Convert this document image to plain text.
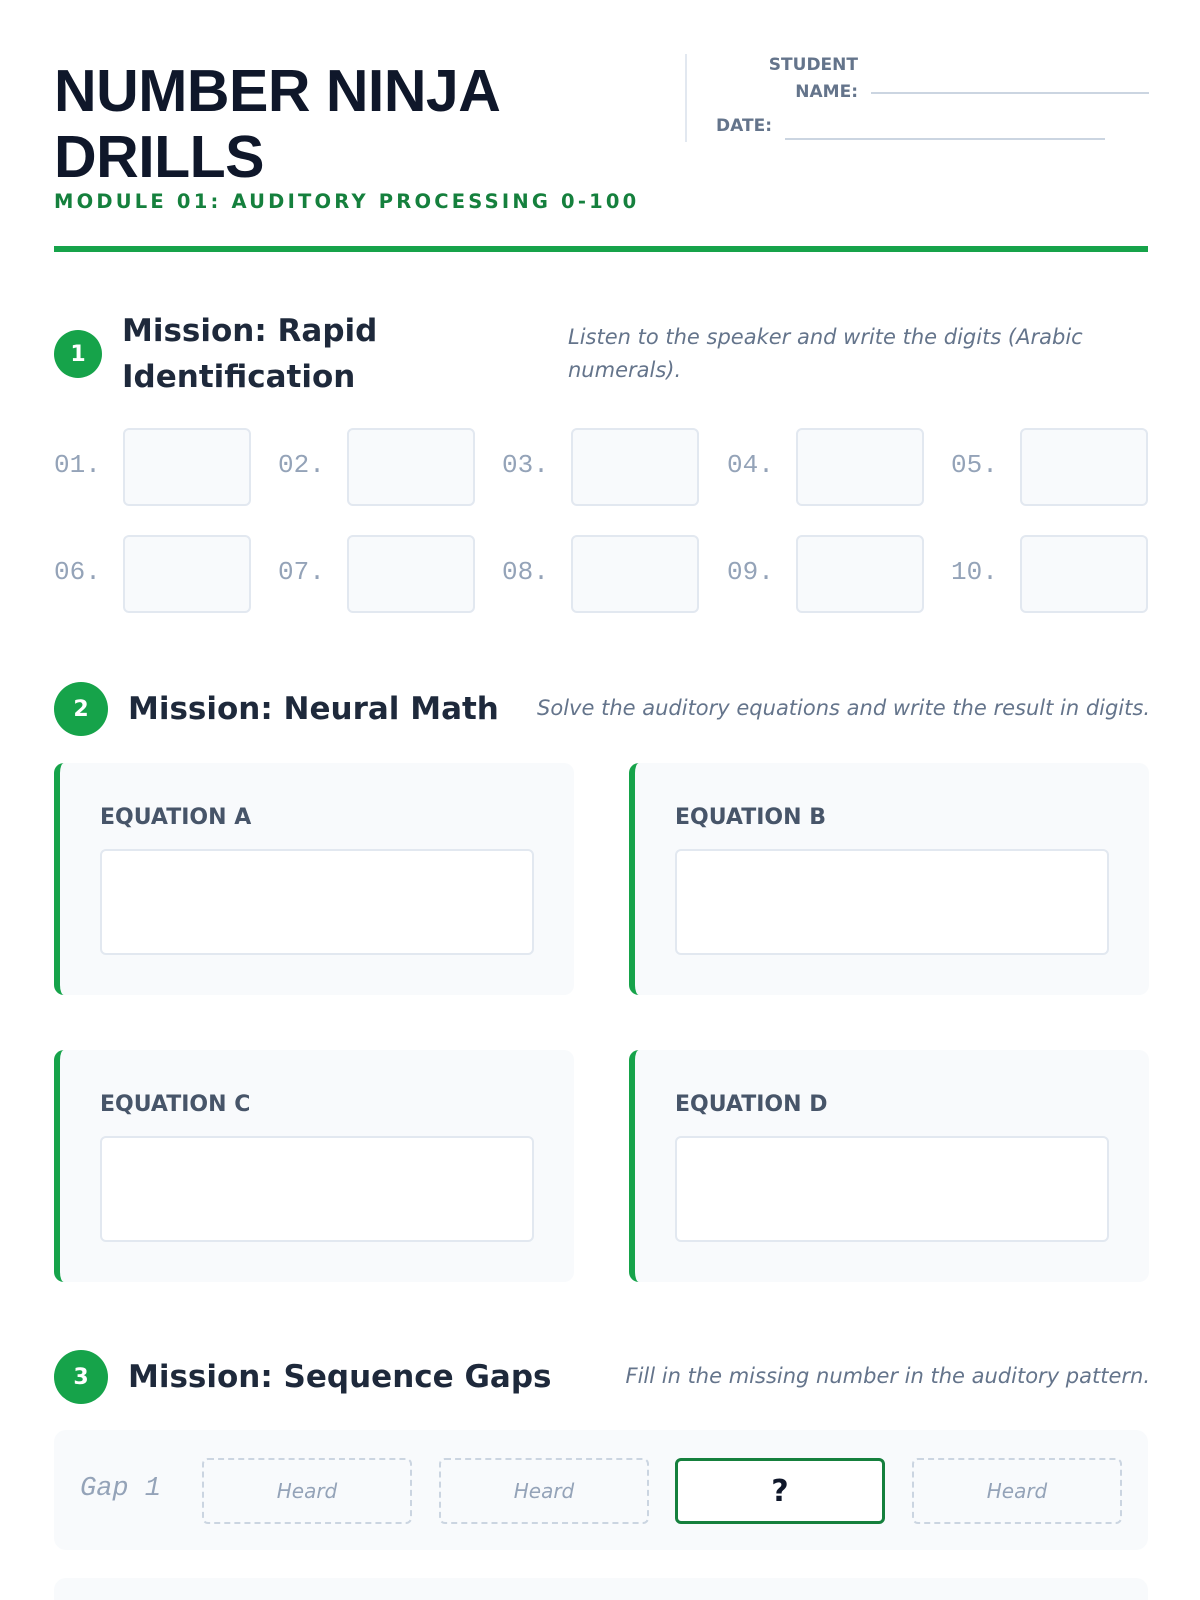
NUMBER NINJA DRILLS
MODULE 01: AUDITORY PROCESSING 0-100
STUDENT NAME:
DATE:
1
Mission: Rapid Identification
Listen to the speaker and write the digits (Arabic numerals).
01.	02.	03.	04.	05.
06.	07.	08.	09.	10.
2	Mission: Neural Math	Solve the auditory equations and write the result in digits.
EQUATION A	EQUATION B
EQUATION C	EQUATION D
3	Mission: Sequence Gaps	Fill in the missing number in the auditory pattern.
Gap 1	Heard	Heard	?	Heard
